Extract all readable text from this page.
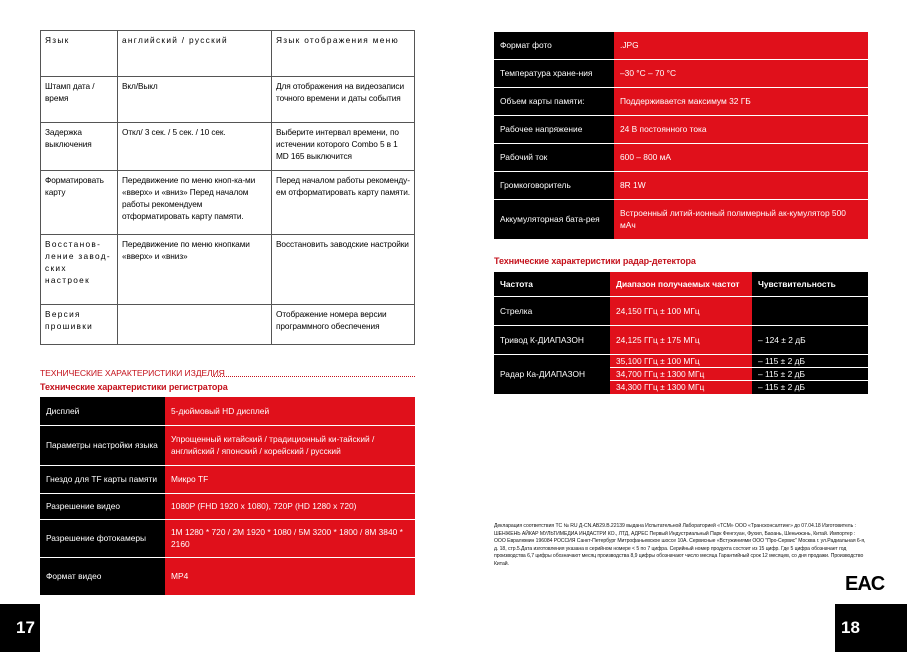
Язык	английский / русский	Язык отображения меню
Штамп дата / время	Вкл/Выкл	Для отображения на видеозаписи точного времени и даты события
Задержка выключения	Откл/ 3 сек. / 5 сек. / 10 сек.	Выберите интервал времени, по истечении которого Combo 5 в 1 MD 165 выключится
Форматировать карту	Передвижение по меню кноп-ка-ми «вверх» и «вниз» Перед началом работы рекомендуем отформатировать карту памяти.	Перед началом работы рекоменду-ем отформатировать карту памяти.
Восстанов-ление завод-ских настроек	Передвижение по меню кнопками «вверх» и «вниз»	Восстановить заводские настройки
Версия прошивки		Отображение номера версии программного обеспечения
ТЕХНИЧЕСКИЕ ХАРАКТЕРИСТИКИ ИЗДЕЛИЯ
Технические характеристики регистратора
Дисплей	5-дюймовый HD дисплей
Параметры настройки языка	Упрощенный китайский / традиционный ки-тайский / английский / японский / корейский / русский
Гнездо для TF карты памяти	Микро TF
Разрешение видео	1080P (FHD 1920 x 1080), 720P (HD 1280 x 720)
Разрешение фотокамеры	1M 1280 * 720 / 2M 1920 * 1080 / 5M 3200 * 1800 / 8M 3840 * 2160
Формат видео	MP4
17
Формат фото	.JPG
Температура хране-ния	–30 °C – 70 °C
Объем карты памяти:	Поддерживается максимум 32 ГБ
Рабочее напряжение	24 В постоянного тока
Рабочий ток	600 – 800 мА
Громкоговоритель	8R 1W
Аккумуляторная бата-рея	Встроенный литий-ионный полимерный ак-кумулятор 500 мАч
Технические характеристики радар-детектора
Частота	Диапазон получаемых частот	Чувствительность
Стрелка	24,150 ГГц ± 100 МГц	
Тривод К-ДИАПАЗОН	24,125 ГГц ± 175 МГц	– 124 ± 2 дБ
Радар Ка-ДИАПАЗОН	35,100 ГГц ± 100 МГц	– 115 ± 2 дБ
	34,700 ГГц ± 1300 МГц	– 115 ± 2 дБ
	34,300 ГГц ± 1300 МГц	– 115 ± 2 дБ
Декларация соответствия ТС № RU Д-CN.АВ29.В.22139 выдана Испытательной Лабораторией «ТСМ» ООО «Трансконсалтинг» до 07.04.18 Изготовитель : ШЕНЖЕНЬ АЙКАР МУЛЬТИМЕДИА ИНДАСТРИ КО., ЛТД, АДРЕС Первый Индустриальный Парк Фенгхуан, Фухил, Баоань, Шеньчжэнь, Китай. Импортер : ООО Евралюмин 196084 РОССИЯ Санкт-Петербург Митрофаньевское шоссе 10А. Сервисные «Встужиниями ООО "Про-Сервис" Москва г. ул.Радиальная 6-я, д. 18, стр.5.Дата изготовления указана в серийном номере < 5 по 7 цифра. Серийный номер продукта состоит из 15 цифр. Где 5 цифра обозначает год производства 6,7 цифры обозначают месяц производства 8,9 цифры обозначают число месяца Гарантийный срок 12 месяцев, со дня продажи. Производство Китай.
EAC
18
